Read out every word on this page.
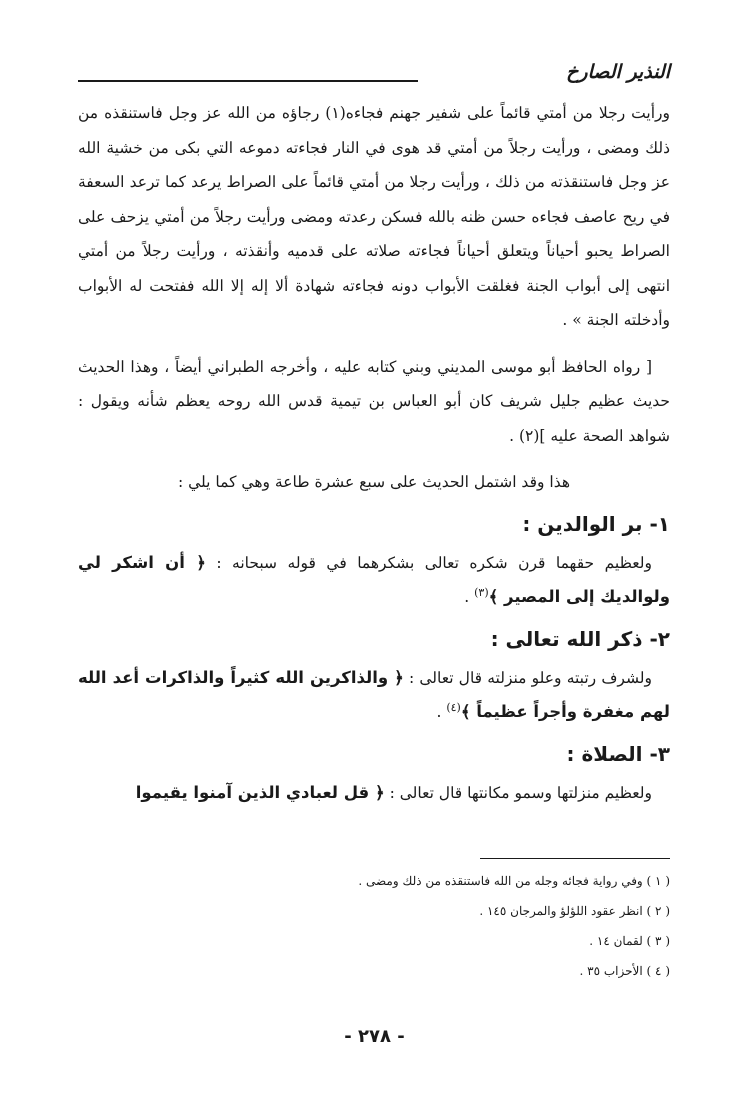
النذير الصارخ

ورأيت رجلا من أمتي قائماً على شفير جهنم فجاءه(١) رجاؤه من الله عز وجل فاستنقذه من ذلك ومضى ، ورأيت رجلاً من أمتي قد هوى في النار فجاءته دموعه التي بكى من خشية الله عز وجل فاستنقذته من ذلك ، ورأيت رجلا من أمتي قائماً على الصراط يرعد كما ترعد السعفة في ريح عاصف فجاءه حسن ظنه بالله فسكن رعدته ومضى ورأيت رجلاً من أمتي يزحف على الصراط يحبو أحياناً ويتعلق أحياناً فجاءته صلاته على قدميه وأنقذته ، ورأيت رجلاً من أمتي انتهى إلى أبواب الجنة فغلقت الأبواب دونه فجاءته شهادة ألا إله إلا الله ففتحت له الأبواب وأدخلته الجنة » .

[ رواه الحافظ أبو موسى المديني وبني كتابه عليه ، وأخرجه الطبراني أيضاً ، وهذا الحديث حديث عظيم جليل شريف كان أبو العباس بن تيمية قدس الله روحه يعظم شأنه ويقول : شواهد الصحة عليه ](٢) .

هذا وقد اشتمل الحديث على سبع عشرة طاعة وهي كما يلي :

١- بر الوالدين :

ولعظيم حقهما قرن شكره تعالى بشكرهما في قوله سبحانه : ﴿ أن اشكر لي ولوالديك إلى المصير ﴾$^{(٣)}$ .

٢- ذكر الله تعالى :

ولشرف رتبته وعلو منزلته قال تعالى : ﴿ والذاكرين الله كثيراً والذاكرات أعد الله لهم مغفرة وأجراً عظيماً ﴾$^{(٤)}$ .

٣- الصلاة :

ولعظيم منزلتها وسمو مكانتها قال تعالى : ﴿ قل لعبادي الذين آمنوا يقيموا

( ١ ) وفي رواية فجائه وجله من الله فاستنقذه من ذلك ومضى .
( ٢ ) انظر عقود اللؤلؤ والمرجان ١٤٥ .
( ٣ ) لقمان ١٤ .
( ٤ ) الأحزاب ٣٥ .
- ٢٧٨ -
